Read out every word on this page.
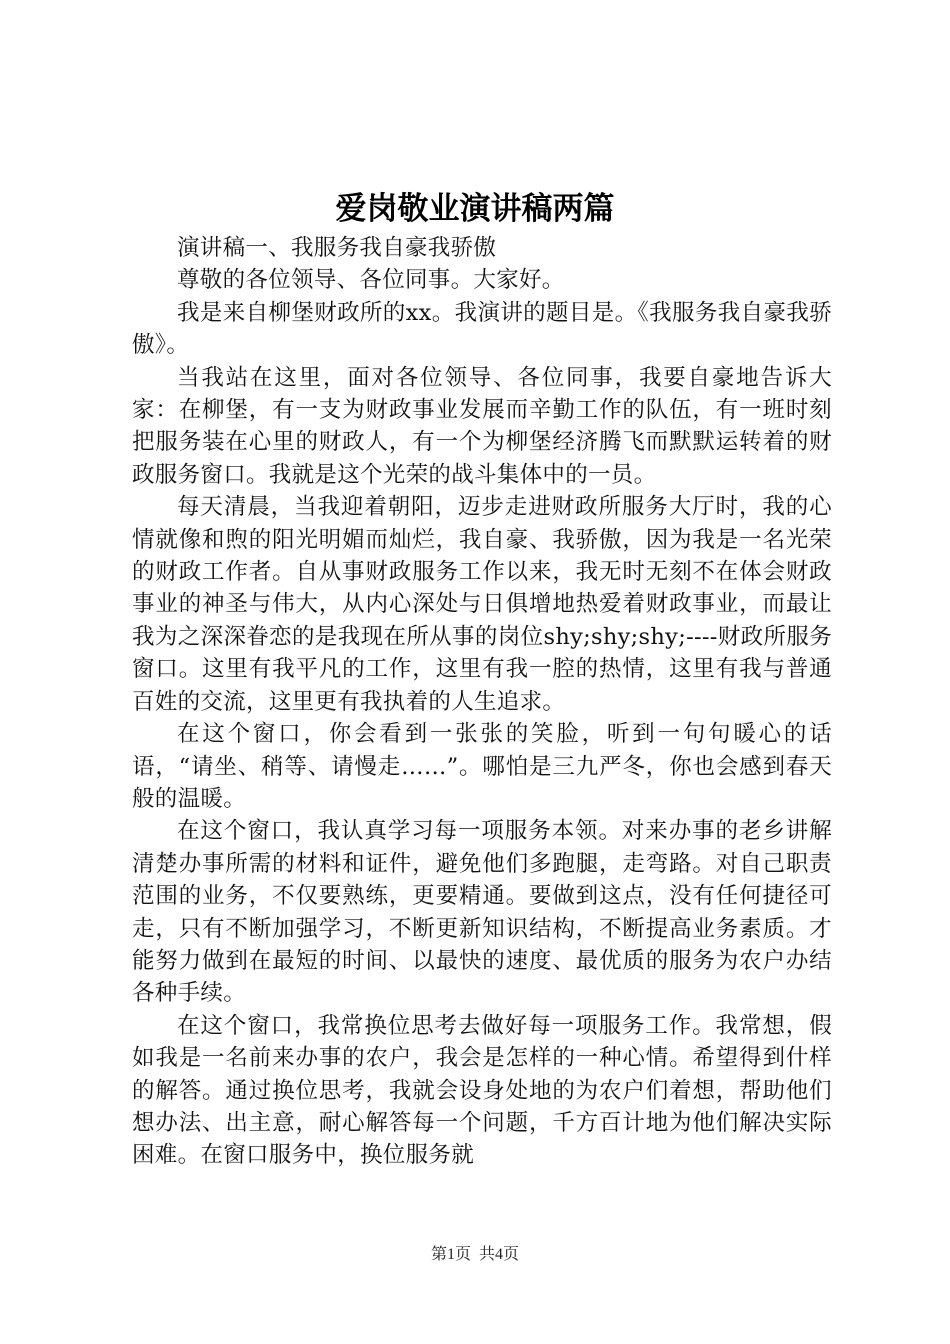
爱岗敬业演讲稿两篇

演讲稿一、我服务我自豪我骄傲

尊敬的各位领导、各位同事。大家好。

我是来自柳堡财政所的xx。我演讲的题目是。《我服务我自豪我骄傲》。

当我站在这里，面对各位领导、各位同事，我要自豪地告诉大家：在柳堡，有一支为财政事业发展而辛勤工作的队伍，有一班时刻把服务装在心里的财政人，有一个为柳堡经济腾飞而默默运转着的财政服务窗口。我就是这个光荣的战斗集体中的一员。

每天清晨，当我迎着朝阳，迈步走进财政所服务大厅时，我的心情就像和煦的阳光明媚而灿烂，我自豪、我骄傲，因为我是一名光荣的财政工作者。自从事财政服务工作以来，我无时无刻不在体会财政事业的神圣与伟大，从内心深处与日俱增地热爱着财政事业，而最让我为之深深眷恋的是我现在所从事的岗位shy;shy;shy;----财政所服务窗口。这里有我平凡的工作，这里有我一腔的热情，这里有我与普通百姓的交流，这里更有我执着的人生追求。

在这个窗口，你会看到一张张的笑脸，听到一句句暖心的话语，“请坐、稍等、请慢走……”。哪怕是三九严冬，你也会感到春天般的温暖。

在这个窗口，我认真学习每一项服务本领。对来办事的老乡讲解清楚办事所需的材料和证件，避免他们多跑腿，走弯路。对自己职责范围的业务，不仅要熟练，更要精通。要做到这点，没有任何捷径可走，只有不断加强学习，不断更新知识结构，不断提高业务素质。才能努力做到在最短的时间、以最快的速度、最优质的服务为农户办结各种手续。

在这个窗口，我常换位思考去做好每一项服务工作。我常想，假如我是一名前来办事的农户，我会是怎样的一种心情。希望得到什样的解答。通过换位思考，我就会设身处地的为农户们着想，帮助他们想办法、出主意，耐心解答每一个问题，千方百计地为他们解决实际困难。在窗口服务中，换位服务就

第1页  共4页
